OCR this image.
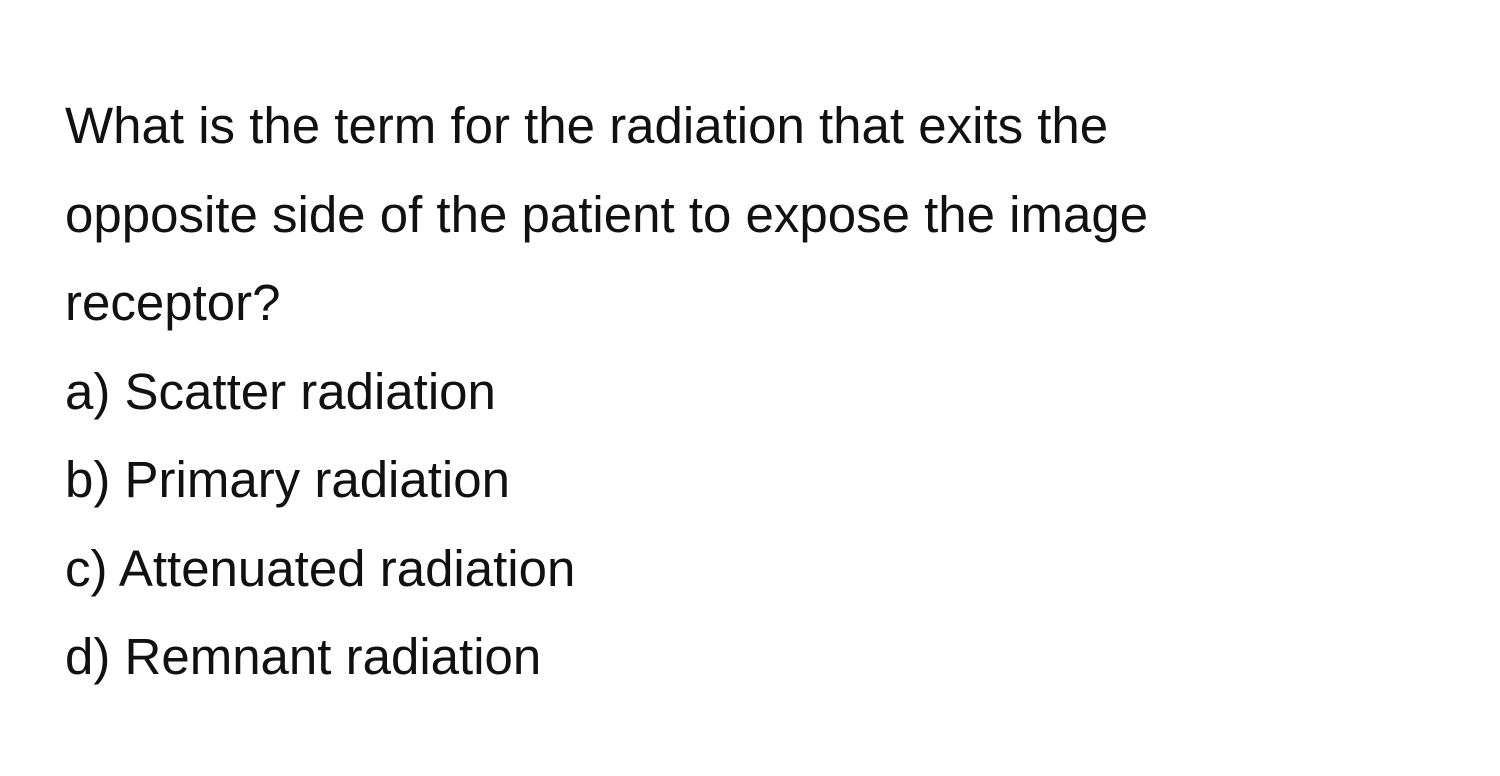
What is the term for the radiation that exits the
opposite side of the patient to expose the image
receptor?
a) Scatter radiation
b) Primary radiation
c) Attenuated radiation
d) Remnant radiation
